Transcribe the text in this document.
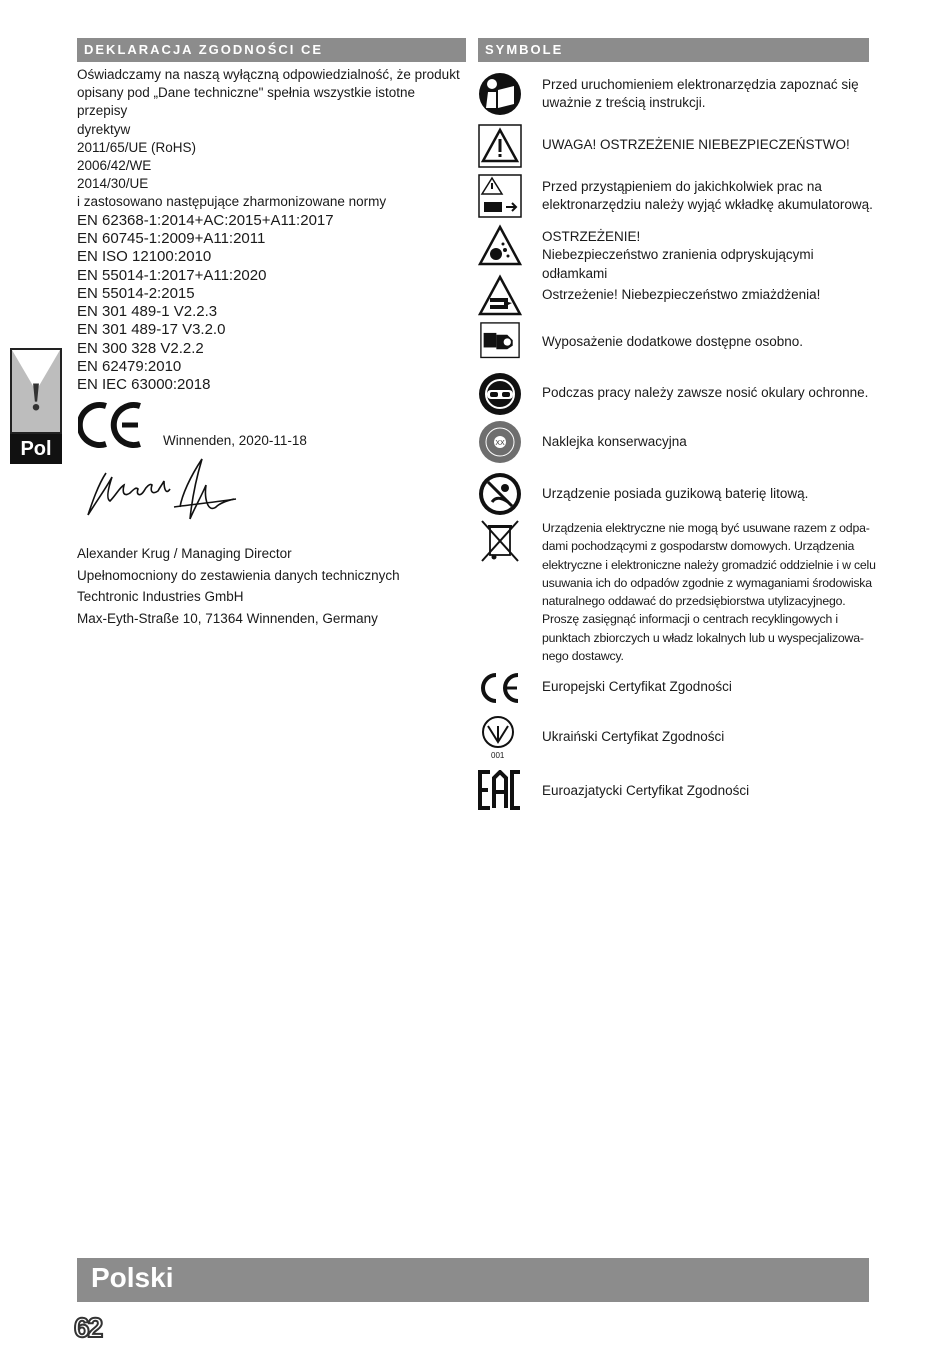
DEKLARACJA ZGODNOŚCI CE
Oświadczamy na naszą wyłączną odpowiedzialność, że produkt
opisany pod „Dane techniczne" spełnia wszystkie istotne przepisy
dyrektyw
2011/65/UE (RoHS)
2006/42/WE
2014/30/UE
i zastosowano następujące zharmonizowane normy
EN 62368-1:2014+AC:2015+A11:2017
EN 60745-1:2009+A11:2011
EN ISO 12100:2010
EN 55014-1:2017+A11:2020
EN 55014-2:2015
EN 301 489-1 V2.2.3
EN 301 489-17 V3.2.0
EN 300 328 V2.2.2
EN 62479:2010
EN IEC 63000:2018
Winnenden, 2020-11-18
Alexander Krug / Managing Director
Upełnomocniony do zestawienia danych technicznych
Techtronic Industries GmbH
Max-Eyth-Straße 10, 71364 Winnenden, Germany
!
Pol
SYMBOLE
Przed uruchomieniem elektronarzędzia zapoznać się
uważnie z treścią instrukcji.
UWAGA! OSTRZEŻENIE NIEBEZPIECZEŃSTWO!
Przed przystąpieniem do jakichkolwiek prac na
elektronarzędziu należy wyjąć wkładkę akumulatorową.
OSTRZEŻENIE!
Niebezpieczeństwo zranienia odpryskującymi odłamkami
Ostrzeżenie! Niebezpieczeństwo zmiażdżenia!
Wyposażenie dodatkowe dostępne osobno.
Podczas pracy należy zawsze nosić okulary ochronne.
XX	Naklejka konserwacyjna
Urządzenie posiada guzikową baterię litową.
Urządzenia elektryczne nie mogą być usuwane razem z odpa-
dami pochodzącymi z gospodarstw domowych. Urządzenia
elektryczne i elektroniczne należy gromadzić oddzielnie i w celu
usuwania ich do odpadów zgodnie z wymaganiami środowiska
naturalnego oddawać do przedsiębiorstwa utylizacyjnego.
Proszę zasięgnąć informacji o centrach recyklingowych i
punktach zbiorczych u władz lokalnych lub u wyspecjalizowa-
nego dostawcy.
Europejski Certyfikat Zgodności
001
Ukraiński Certyfikat Zgodności
Euroazjatycki Certyfikat Zgodności
Polski
62
